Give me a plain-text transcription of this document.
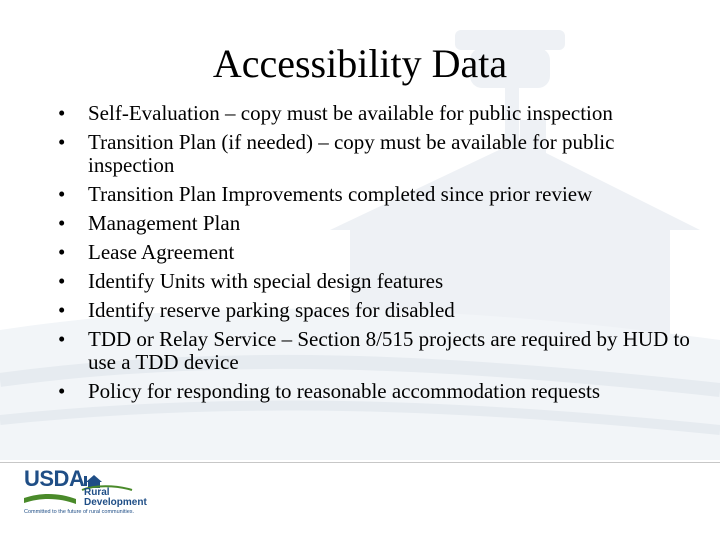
Accessibility Data
•	Self-Evaluation – copy must be available for public inspection
•	Transition Plan (if needed) – copy must be available for public inspection
•	Transition Plan Improvements completed since prior review
•	Management Plan
•	Lease Agreement
•	Identify Units with special design features
•	Identify reserve parking spaces for disabled
•	TDD or Relay Service – Section 8/515 projects are required by HUD to use a TDD device
•	Policy for responding to reasonable accommodation requests
USDA
Rural
Development
Committed to the future of rural communities.
